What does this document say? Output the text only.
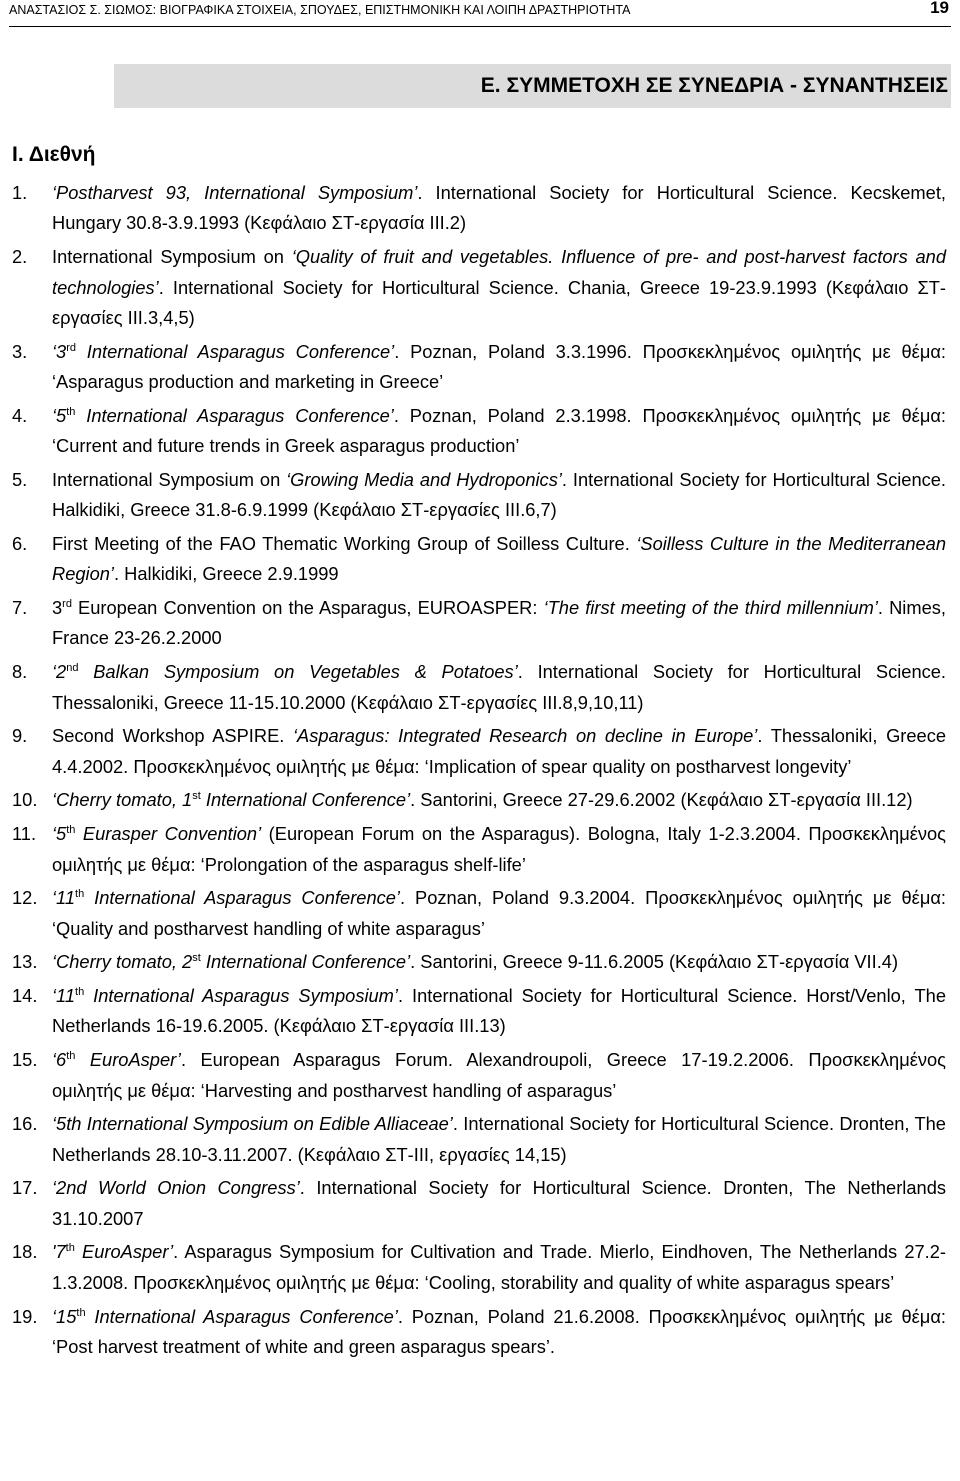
ΑΝΑΣΤΑΣΙΟΣ Σ. ΣΙΩΜΟΣ: ΒΙΟΓΡΑΦΙΚΑ ΣΤΟΙΧΕΙΑ, ΣΠΟΥΔΕΣ, ΕΠΙΣΤΗΜΟΝΙΚΗ ΚΑΙ ΛΟΙΠΗ ΔΡΑΣΤΗΡΙΟΤΗΤΑ	19
Ε. ΣΥΜΜΕΤΟΧΗ ΣΕ ΣΥΝΕΔΡΙΑ - ΣΥΝΑΝΤΗΣΕΙΣ
Ι. Διεθνή
1. ‘Postharvest 93, International Symposium’. International Society for Horticultural Science. Kecskemet, Hungary 30.8-3.9.1993 (Κεφάλαιο ΣΤ-εργασία ΙΙΙ.2)
2. International Symposium on ‘Quality of fruit and vegetables. Influence of pre- and post-harvest factors and technologies’. International Society for Horticultural Science. Chania, Greece 19-23.9.1993 (Κεφάλαιο ΣΤ-εργασίες ΙΙΙ.3,4,5)
3. ‘3rd International Asparagus Conference’. Poznan, Poland 3.3.1996. Προσκεκλημένος ομιλητής με θέμα: ‘Asparagus production and marketing in Greece’
4. ‘5th International Asparagus Conference’. Poznan, Poland 2.3.1998. Προσκεκλημένος ομιλητής με θέμα: ‘Current and future trends in Greek asparagus production’
5. International Symposium on ‘Growing Media and Hydroponics’. International Society for Horticultural Science. Halkidiki, Greece 31.8-6.9.1999 (Κεφάλαιο ΣΤ-εργασίες ΙΙΙ.6,7)
6. First Meeting of the FAO Thematic Working Group of Soilless Culture. ‘Soilless Culture in the Mediterranean Region’. Halkidiki, Greece 2.9.1999
7. 3rd European Convention on the Asparagus, EUROASPER: ‘The first meeting of the third millennium’. Nimes, France 23-26.2.2000
8. ‘2nd Balkan Symposium on Vegetables & Potatoes’. International Society for Horticultural Science. Thessaloniki, Greece 11-15.10.2000 (Κεφάλαιο ΣΤ-εργασίες ΙΙΙ.8,9,10,11)
9. Second Workshop ASPIRE. ‘Asparagus: Integrated Research on decline in Europe’. Thessaloniki, Greece 4.4.2002. Προσκεκλημένος ομιλητής με θέμα: ‘Implication of spear quality on postharvest longevity’
10. ‘Cherry tomato, 1st International Conference’. Santorini, Greece 27-29.6.2002 (Κεφάλαιο ΣΤ-εργασία ΙΙΙ.12)
11. ‘5th Eurasper Convention’ (European Forum on the Asparagus). Bologna, Italy 1-2.3.2004. Προσκεκλημένος ομιλητής με θέμα: ‘Prolongation of the asparagus shelf-life’
12. ‘11th International Asparagus Conference’. Poznan, Poland 9.3.2004. Προσκεκλημένος ομιλητής με θέμα: ‘Quality and postharvest handling of white asparagus’
13. ‘Cherry tomato, 2st International Conference’. Santorini, Greece 9-11.6.2005 (Κεφάλαιο ΣΤ-εργασία VII.4)
14. ‘11th International Asparagus Symposium’. International Society for Horticultural Science. Horst/Venlo, The Netherlands 16-19.6.2005. (Κεφάλαιο ΣΤ-εργασία ΙΙΙ.13)
15. ‘6th EuroAsper’. European Asparagus Forum. Alexandroupoli, Greece 17-19.2.2006. Προσκεκλημένος ομιλητής με θέμα: ‘Harvesting and postharvest handling of asparagus’
16. ‘5th International Symposium on Edible Alliaceae’. International Society for Horticultural Science. Dronten, The Netherlands 28.10-3.11.2007. (Κεφάλαιο ΣΤ-ΙΙΙ, εργασίες 14,15)
17. ‘2nd World Onion Congress’. International Society for Horticultural Science. Dronten, The Netherlands 31.10.2007
18. '7th EuroAsper’. Asparagus Symposium for Cultivation and Trade. Mierlo, Eindhoven, The Netherlands 27.2-1.3.2008. Προσκεκλημένος ομιλητής με θέμα: ‘Cooling, storability and quality of white asparagus spears’
19. ‘15th International Asparagus Conference’. Poznan, Poland 21.6.2008. Προσκεκλημένος ομιλητής με θέμα: ‘Post harvest treatment of white and green asparagus spears’.
